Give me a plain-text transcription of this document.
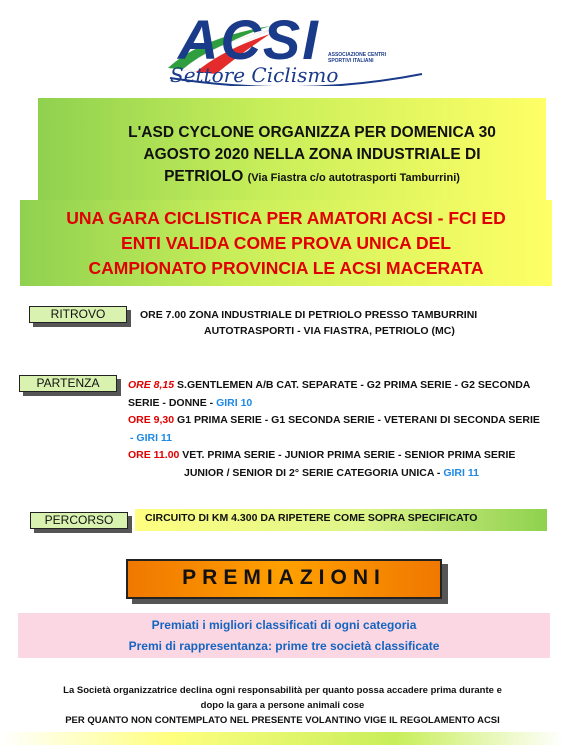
ACSI ASSOCIAZIONE CENTRI SPORTIVI ITALIANI
Settore Ciclismo
L'ASD CYCLONE ORGANIZZA PER DOMENICA 30
AGOSTO 2020 NELLA ZONA INDUSTRIALE DI
PETRIOLO (Via Fiastra c/o autotrasporti Tamburrini)
UNA GARA CICLISTICA PER AMATORI ACSI - FCI ED
ENTI VALIDA COME PROVA UNICA DEL
CAMPIONATO PROVINCIA LE ACSI MACERATA
RITROVO	ORE 7.00 ZONA INDUSTRIALE DI PETRIOLO PRESSO TAMBURRINI
AUTOTRASPORTI - VIA FIASTRA, PETRIOLO (MC)
PARTENZA	ORE 8,15 S.GENTLEMEN A/B CAT. SEPARATE - G2 PRIMA SERIE - G2 SECONDA
SERIE - DONNE - GIRI 10
ORE 9,30 G1 PRIMA SERIE - G1 SECONDA SERIE - VETERANI DI SECONDA SERIE
- GIRI 11
ORE 11.00 VET. PRIMA SERIE - JUNIOR PRIMA SERIE - SENIOR PRIMA SERIE
JUNIOR / SENIOR DI 2° SERIE CATEGORIA UNICA - GIRI 11
PERCORSO	CIRCUITO DI KM 4.300 DA RIPETERE COME SOPRA SPECIFICATO
PREMIAZIONI
Premiati i migliori classificati di ogni categoria
Premi di rappresentanza: prime tre società classificate
La Società organizzatrice declina ogni responsabilità per quanto possa accadere prima durante e
dopo la gara a persone animali cose
PER QUANTO NON CONTEMPLATO NEL PRESENTE VOLANTINO VIGE IL REGOLAMENTO ACSI
